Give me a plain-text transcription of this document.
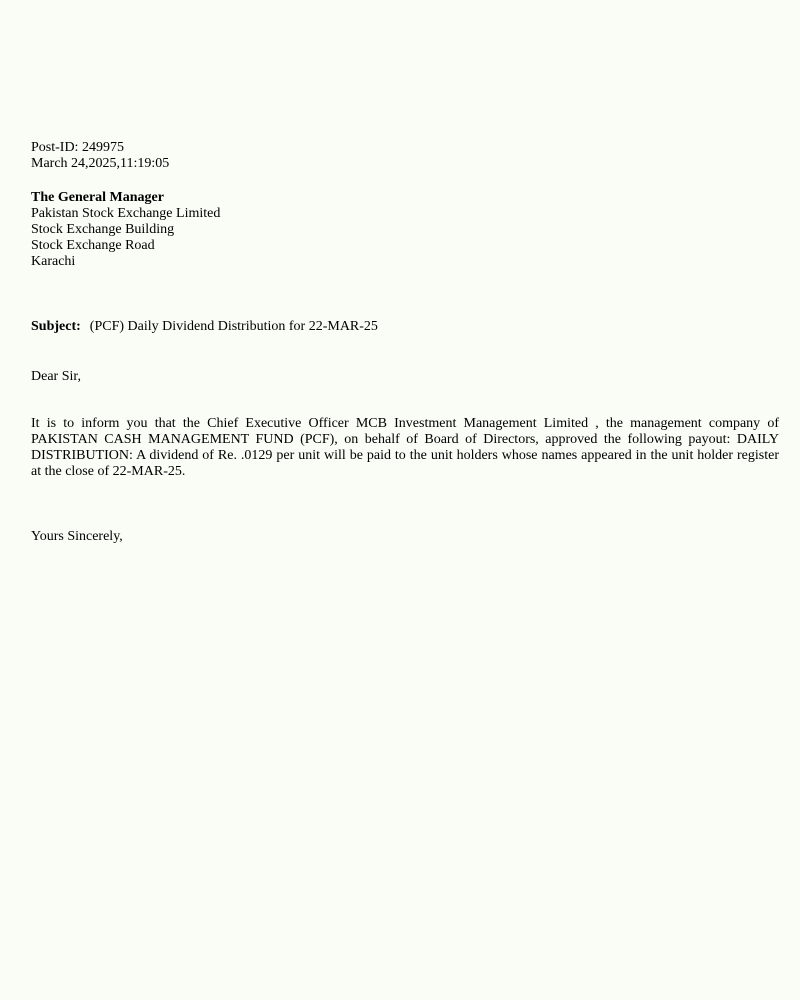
Post-ID: 249975
March 24,2025,11:19:05
The General Manager
Pakistan Stock Exchange Limited
Stock Exchange Building
Stock Exchange Road
Karachi
Subject: (PCF) Daily Dividend Distribution for 22-MAR-25
Dear Sir,

It is to inform you that the Chief Executive Officer MCB Investment Management Limited , the management company of PAKISTAN CASH MANAGEMENT FUND (PCF), on behalf of Board of Directors, approved the following payout: DAILY DISTRIBUTION: A dividend of Re. .0129 per unit will be paid to the unit holders whose names appeared in the unit holder register at the close of 22-MAR-25.

Yours Sincerely,
